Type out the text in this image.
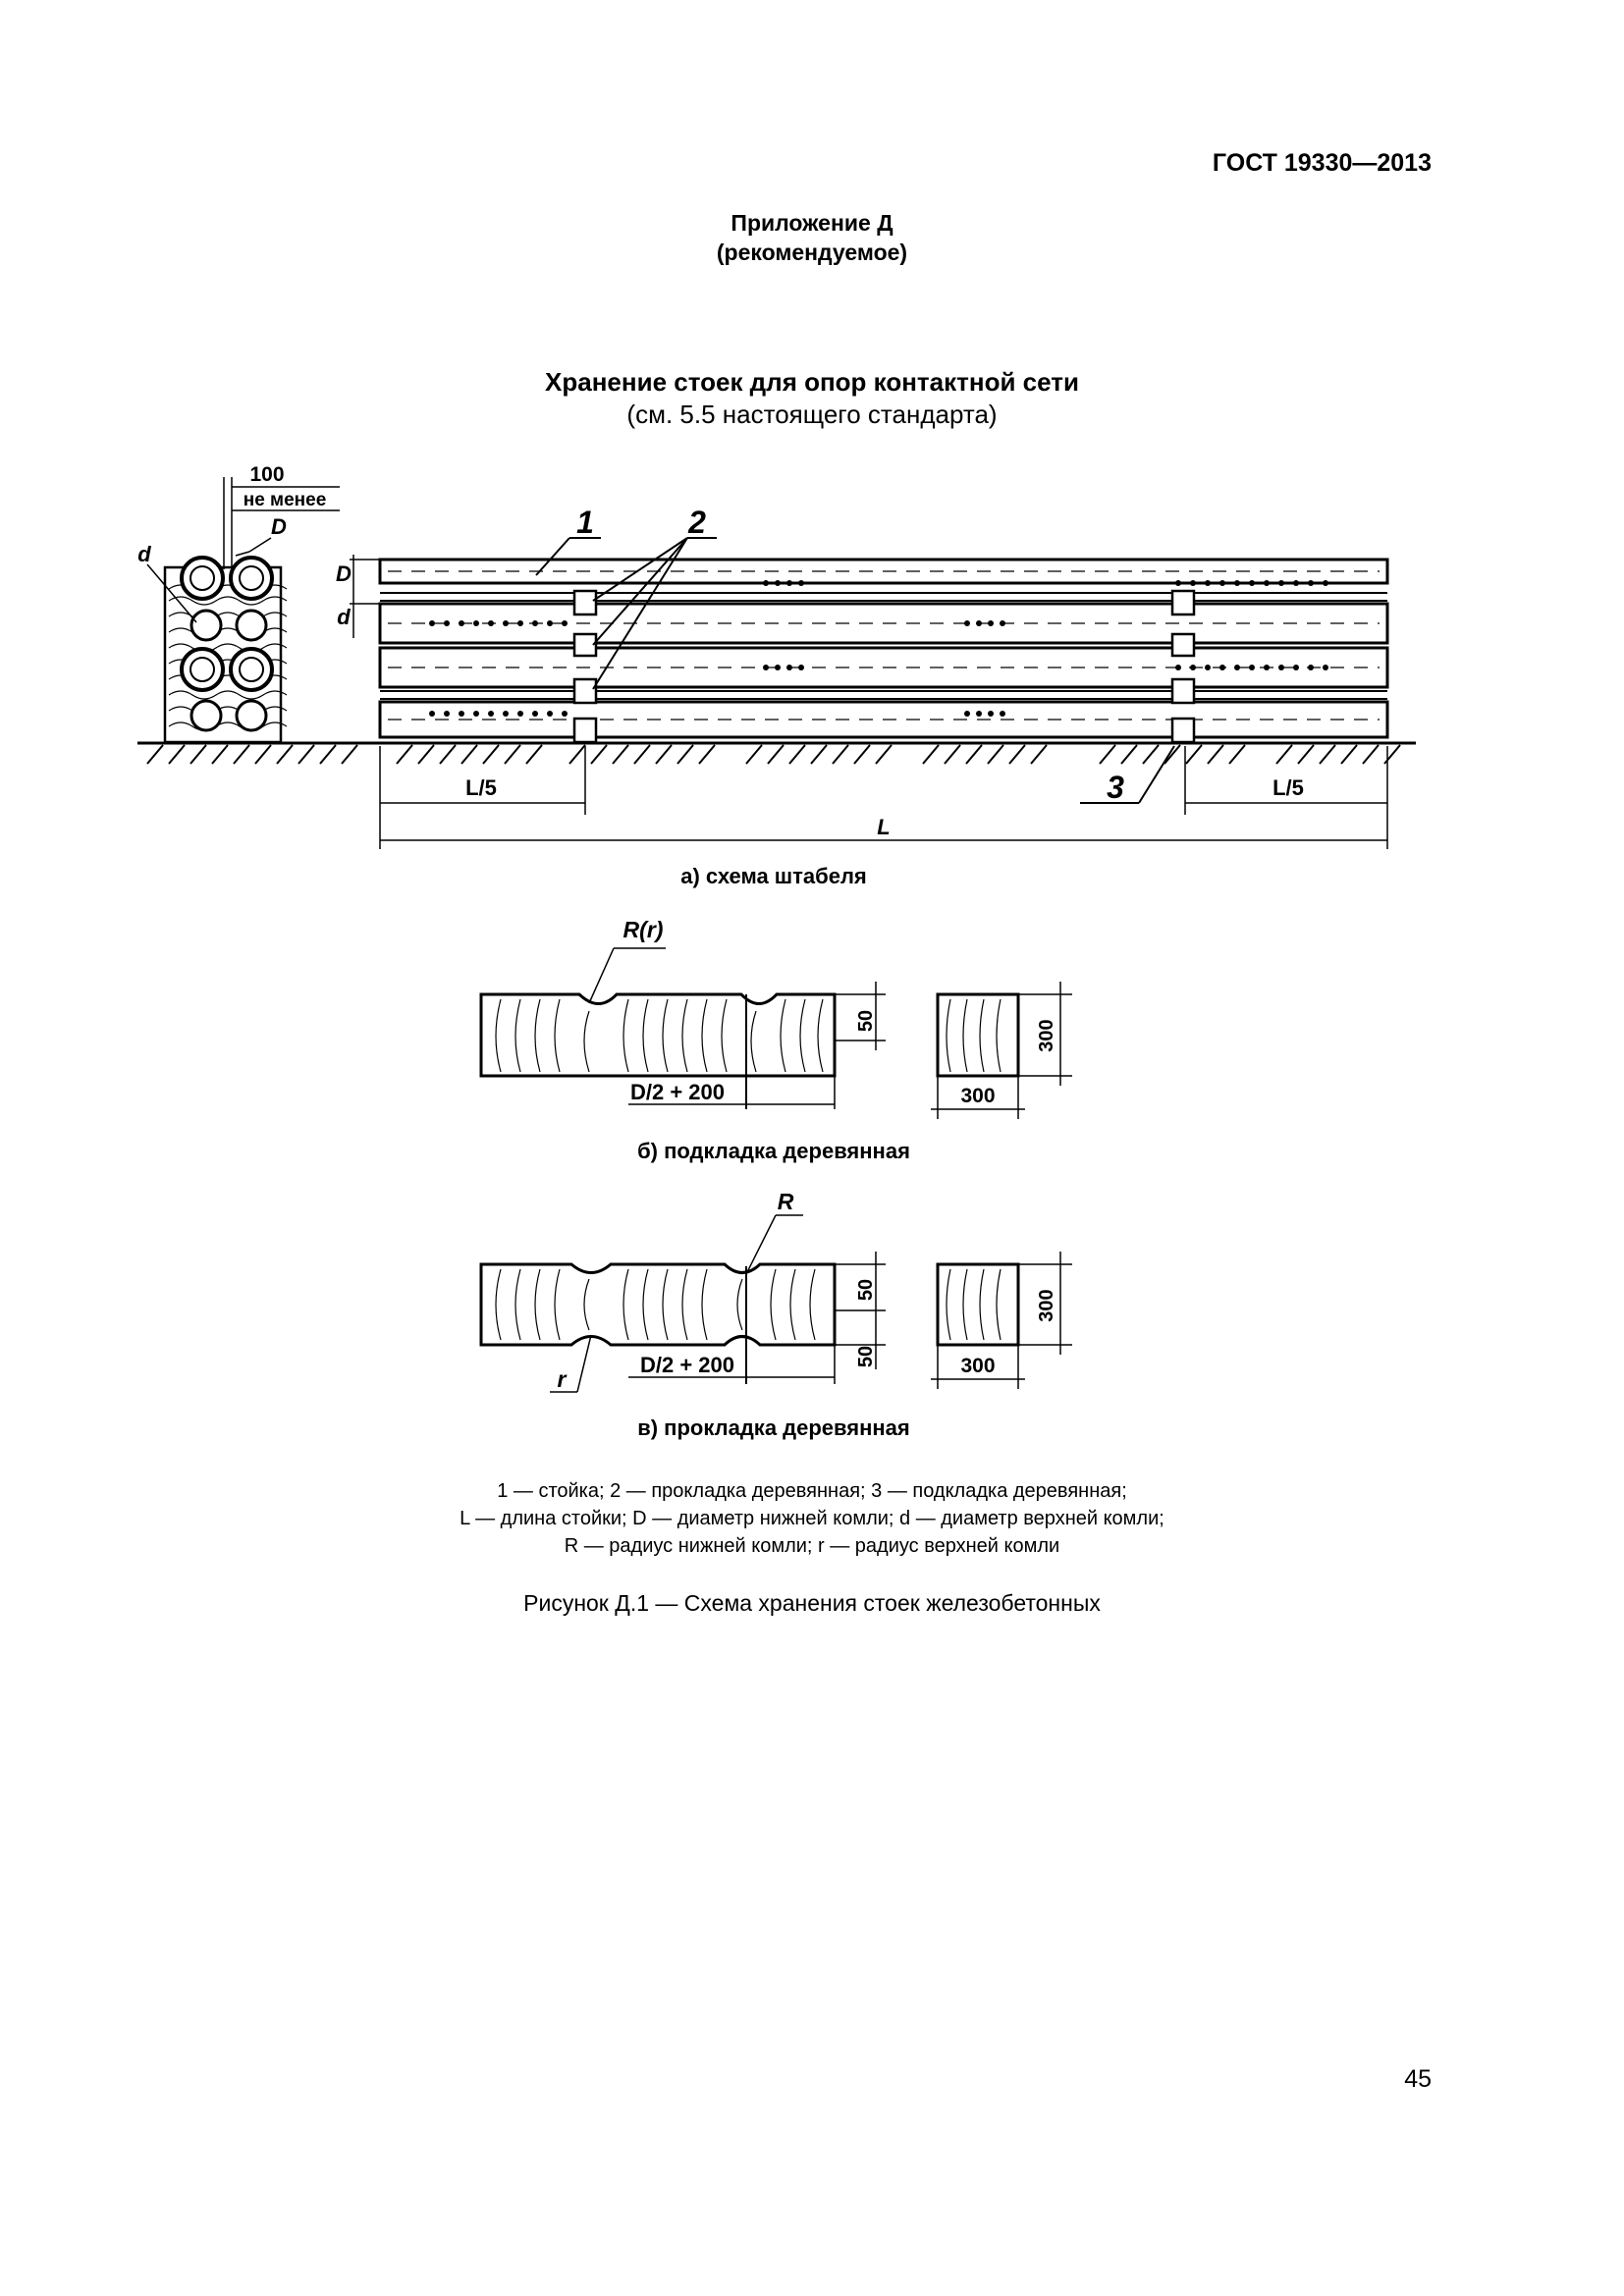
ГОСТ 19330—2013
Приложение Д
(рекомендуемое)
Хранение стоек для опор контактной сети
(см. 5.5 настоящего стандарта)
100
не менее
D
d
1	2
3
D
d
L/5	L/5
L
а) схема штабеля
R(r)
50
D/2 + 200
300
300
б) подкладка деревянная
R
r
50
50
D/2 + 200
300
300
в) прокладка деревянная
1 — стойка; 2 — прокладка деревянная; 3 — подкладка деревянная;
L — длина стойки; D — диаметр нижней комли; d — диаметр верхней комли;
R — радиус нижней комли; r — радиус верхней комли
Рисунок Д.1 — Схема хранения стоек железобетонных
45
